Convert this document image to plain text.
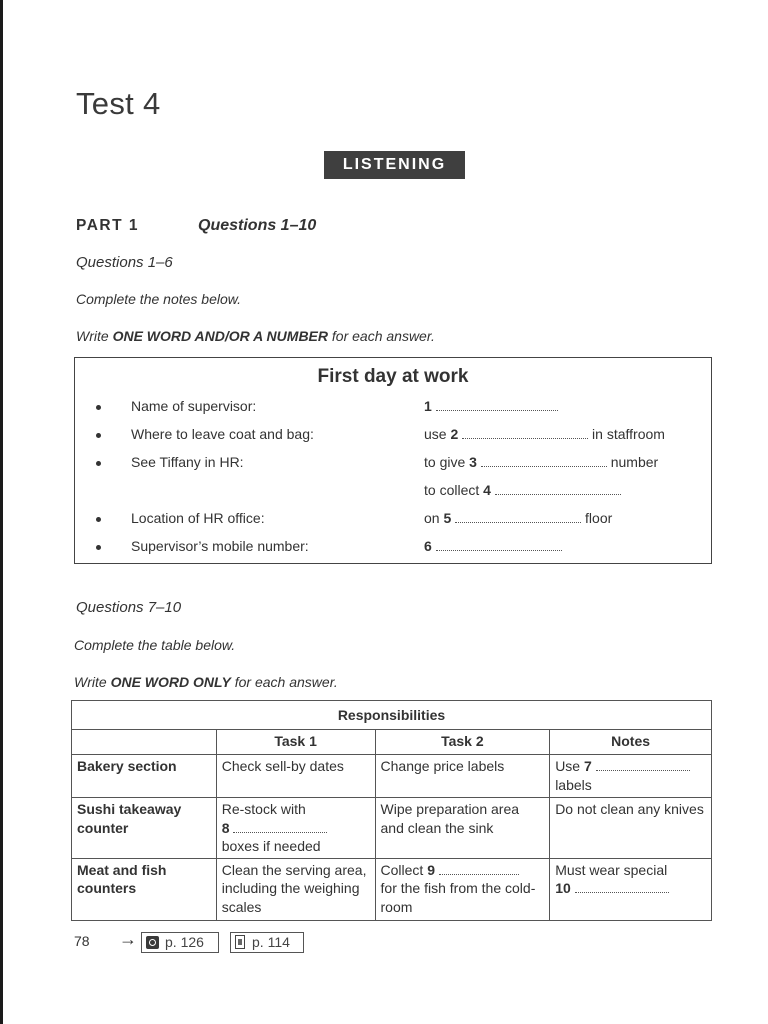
Test 4
LISTENING
PART 1	Questions 1–10
Questions 1–6
Complete the notes below.
Write ONE WORD AND/OR A NUMBER for each answer.
First day at work
Name of supervisor:	1
Where to leave coat and bag:	use 2	in staffroom
See Tiffany in HR:	to give 3	number
to collect 4
Location of HR office:	on 5	floor
Supervisor’s mobile number:	6
Questions 7–10
Complete the table below.
Write ONE WORD ONLY for each answer.
Responsibilities			
	Task 1	Task 2	Notes
Bakery section	Check sell-by dates	Change price labels	Use 7
labels
Sushi takeaway counter	Re-stock with
8
boxes if needed	Wipe preparation area and clean the sink	Do not clean any knives
Meat and fish counters	Clean the serving area, including the weighing scales	Collect 9
for the fish from the cold-room	Must wear special
10
78 → p. 126	p. 114
